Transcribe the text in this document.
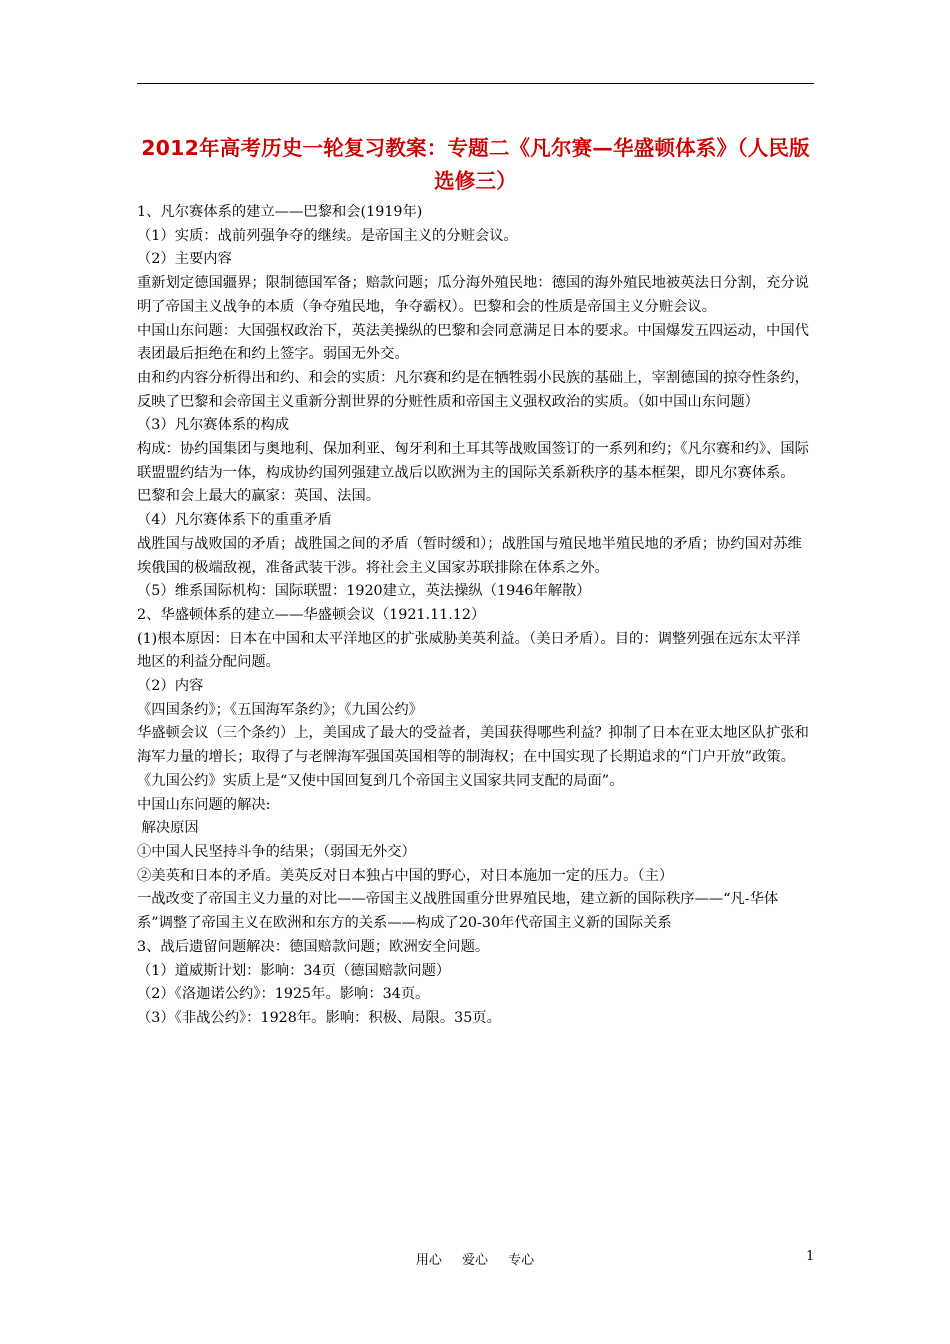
2012年高考历史一轮复习教案：专题二《凡尔赛—华盛顿体系》（人民版选修三）

1、凡尔赛体系的建立——巴黎和会(1919年)

（1）实质：战前列强争夺的继续。是帝国主义的分赃会议。

（2）主要内容

重新划定德国疆界；限制德国军备；赔款问题；瓜分海外殖民地：德国的海外殖民地被英法日分割，充分说明了帝国主义战争的本质（争夺殖民地，争夺霸权）。巴黎和会的性质是帝国主义分赃会议。

中国山东问题：大国强权政治下，英法美操纵的巴黎和会同意满足日本的要求。中国爆发五四运动，中国代表团最后拒绝在和约上签字。弱国无外交。

由和约内容分析得出和约、和会的实质：凡尔赛和约是在牺牲弱小民族的基础上，宰割德国的掠夺性条约，反映了巴黎和会帝国主义重新分割世界的分赃性质和帝国主义强权政治的实质。（如中国山东问题）

（3）凡尔赛体系的构成

构成：协约国集团与奥地利、保加利亚、匈牙利和土耳其等战败国签订的一系列和约；《凡尔赛和约》、国际联盟盟约结为一体，构成协约国列强建立战后以欧洲为主的国际关系新秩序的基本框架，即凡尔赛体系。

巴黎和会上最大的赢家：英国、法国。

（4）凡尔赛体系下的重重矛盾

战胜国与战败国的矛盾；战胜国之间的矛盾（暂时缓和）；战胜国与殖民地半殖民地的矛盾；协约国对苏维埃俄国的极端敌视，准备武装干涉。将社会主义国家苏联排除在体系之外。

（5）维系国际机构：国际联盟：1920建立，英法操纵（1946年解散）

2、华盛顿体系的建立——华盛顿会议（1921.11.12）

(1)根本原因：日本在中国和太平洋地区的扩张威胁美英利益。（美日矛盾）。目的：调整列强在远东太平洋地区的利益分配问题。

（2）内容

《四国条约》；《五国海军条约》；《九国公约》

华盛顿会议（三个条约）上，美国成了最大的受益者，美国获得哪些利益？抑制了日本在亚太地区队扩张和海军力量的增长；取得了与老牌海军强国英国相等的制海权；在中国实现了长期追求的“门户开放”政策。

《九国公约》实质上是“又使中国回复到几个帝国主义国家共同支配的局面”。

中国山东问题的解决:

解决原因

①中国人民坚持斗争的结果；（弱国无外交）

②美英和日本的矛盾。美英反对日本独占中国的野心，对日本施加一定的压力。（主）

一战改变了帝国主义力量的对比——帝国主义战胜国重分世界殖民地，建立新的国际秩序——“凡-华体系”调整了帝国主义在欧洲和东方的关系——构成了20-30年代帝国主义新的国际关系

3、战后遗留问题解决：德国赔款问题；欧洲安全问题。

（1）道威斯计划：影响：34页（德国赔款问题）

（2）《洛迦诺公约》：1925年。影响：34页。

（3）《非战公约》：1928年。影响：积极、局限。35页。

用心 爱心 专心	1
